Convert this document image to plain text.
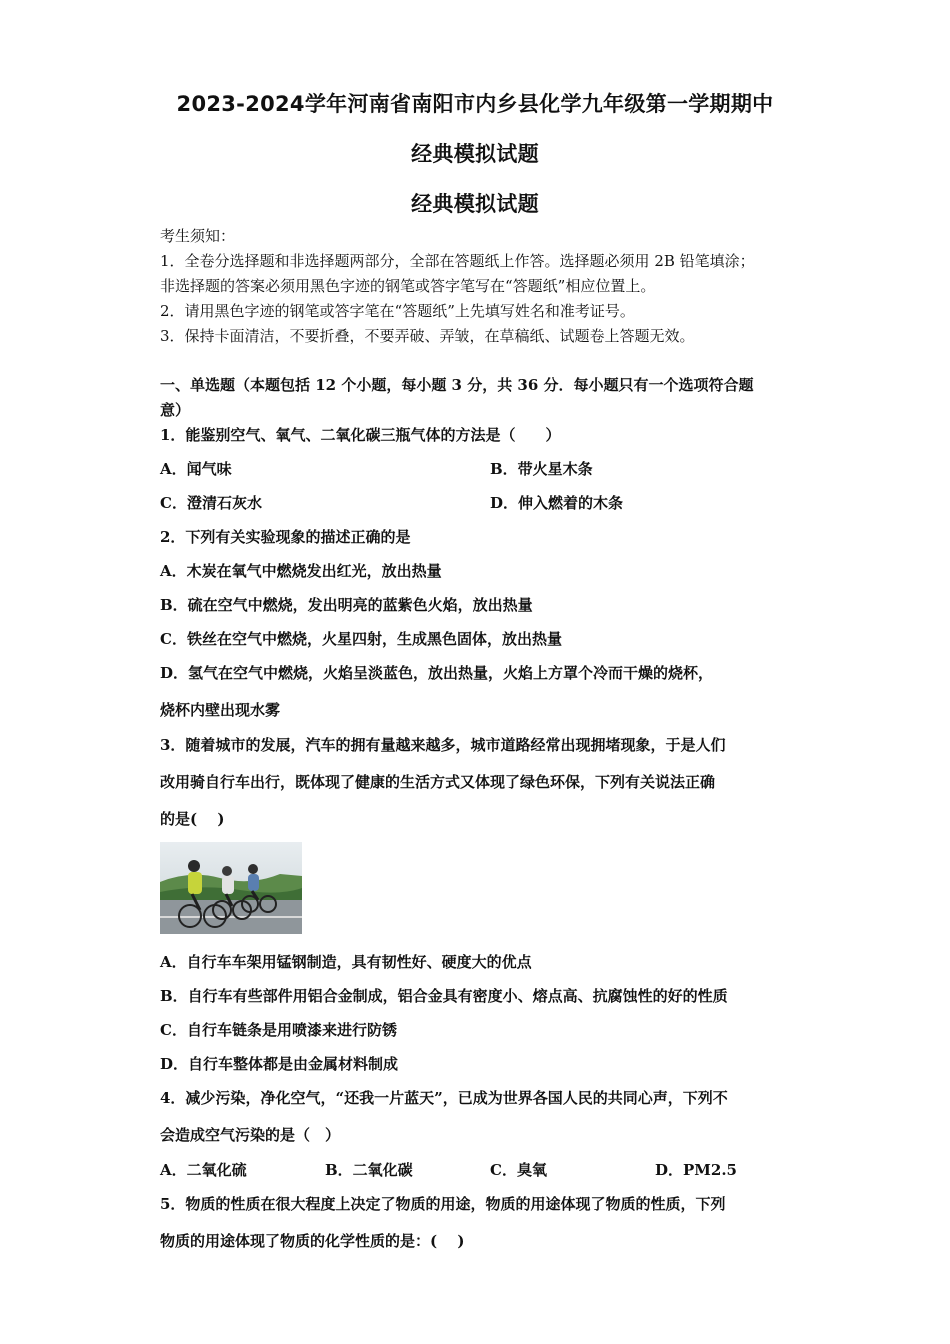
2023-2024学年河南省南阳市内乡县化学九年级第一学期期中
经典模拟试题
经典模拟试题
考生须知：
1．全卷分选择题和非选择题两部分，全部在答题纸上作答。选择题必须用 2B 铅笔填涂；
非选择题的答案必须用黑色字迹的钢笔或答字笔写在“答题纸”相应位置上。
2．请用黑色字迹的钢笔或答字笔在“答题纸”上先填写姓名和准考证号。
3．保持卡面清洁，不要折叠，不要弄破、弄皱，在草稿纸、试题卷上答题无效。
一、单选题（本题包括 12 个小题，每小题 3 分，共 36 分．每小题只有一个选项符合题
意）
1．能鉴别空气、氧气、二氧化碳三瓶气体的方法是（　　）
A．闻气味	B．带火星木条
C．澄清石灰水	D．伸入燃着的木条
2．下列有关实验现象的描述正确的是
A．木炭在氧气中燃烧发出红光，放出热量
B．硫在空气中燃烧，发出明亮的蓝紫色火焰，放出热量
C．铁丝在空气中燃烧，火星四射，生成黑色固体，放出热量
D．氢气在空气中燃烧，火焰呈淡蓝色，放出热量，火焰上方罩个冷而干燥的烧杯，
烧杯内壁出现水雾
3．随着城市的发展，汽车的拥有量越来越多，城市道路经常出现拥堵现象，于是人们
改用骑自行车出行，既体现了健康的生活方式又体现了绿色环保，下列有关说法正确
的是(　 )
A．自行车车架用锰钢制造，具有韧性好、硬度大的优点
B．自行车有些部件用铝合金制成，铝合金具有密度小、熔点高、抗腐蚀性的好的性质
C．自行车链条是用喷漆来进行防锈
D．自行车整体都是由金属材料制成
4．减少污染，净化空气，“还我一片蓝天”，已成为世界各国人民的共同心声，下列不
会造成空气污染的是（　）
A．二氧化硫	B．二氧化碳	C．臭氧	D．PM2.5
5．物质的性质在很大程度上决定了物质的用途，物质的用途体现了物质的性质，下列
物质的用途体现了物质的化学性质的是：(　 )
